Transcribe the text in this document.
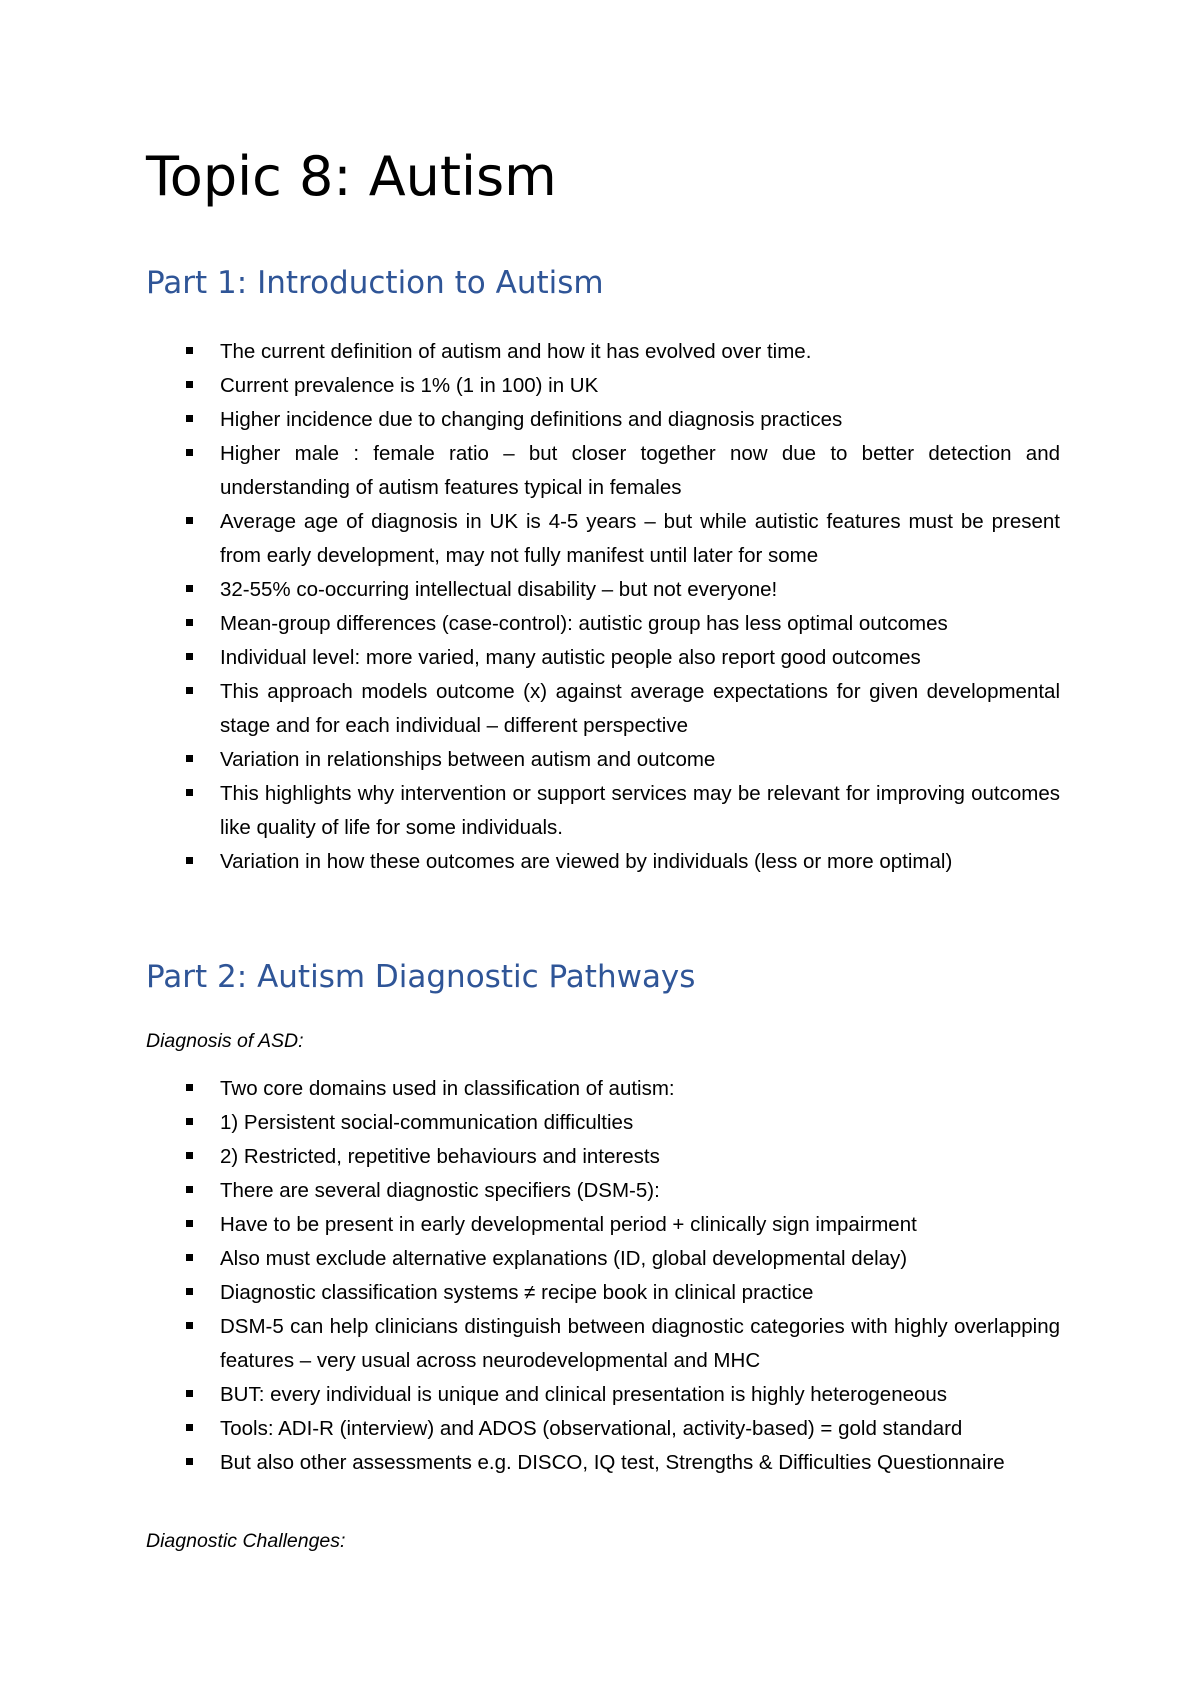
Topic 8: Autism
Part 1: Introduction to Autism
The current definition of autism and how it has evolved over time.
Current prevalence is 1% (1 in 100) in UK
Higher incidence due to changing definitions and diagnosis practices
Higher male : female ratio – but closer together now due to better detection and understanding of autism features typical in females
Average age of diagnosis in UK is 4-5 years – but while autistic features must be present from early development, may not fully manifest until later for some
32-55% co-occurring intellectual disability – but not everyone!
Mean-group differences (case-control): autistic group has less optimal outcomes
Individual level: more varied, many autistic people also report good outcomes
This approach models outcome (x) against average expectations for given developmental stage and for each individual – different perspective
Variation in relationships between autism and outcome
This highlights why intervention or support services may be relevant for improving outcomes like quality of life for some individuals.
Variation in how these outcomes are viewed by individuals (less or more optimal)
Part 2: Autism Diagnostic Pathways

Diagnosis of ASD:

Two core domains used in classification of autism:
1) Persistent social-communication difficulties
2) Restricted, repetitive behaviours and interests
There are several diagnostic specifiers (DSM-5):
Have to be present in early developmental period + clinically sign impairment
Also must exclude alternative explanations (ID, global developmental delay)
Diagnostic classification systems ≠ recipe book in clinical practice
DSM-5 can help clinicians distinguish between diagnostic categories with highly overlapping features – very usual across neurodevelopmental and MHC
BUT: every individual is unique and clinical presentation is highly heterogeneous
Tools: ADI-R (interview) and ADOS (observational, activity-based) = gold standard
But also other assessments e.g. DISCO, IQ test, Strengths & Difficulties Questionnaire

Diagnostic Challenges:
